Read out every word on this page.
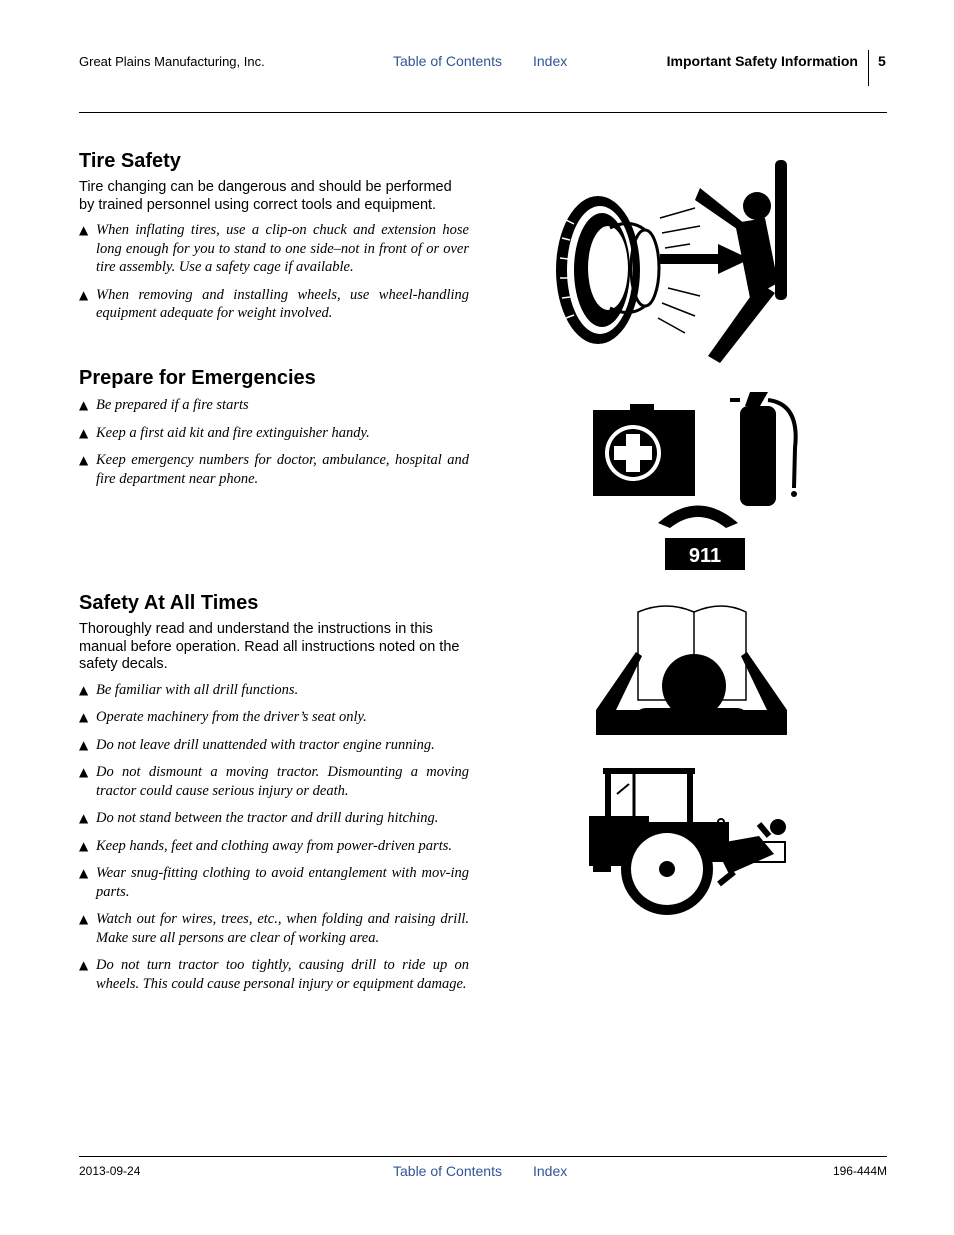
Great Plains Manufacturing, Inc.	Table of Contents Index	Important Safety Information 5
Tire Safety

Tire changing can be dangerous and should be performed by trained personnel using correct tools and equipment.

▲ When inflating tires, use a clip-on chuck and extension hose long enough for you to stand to one side–not in front of or over tire assembly. Use a safety cage if available.
▲ When removing and installing wheels, use wheel-handling equipment adequate for weight involved.
Prepare for Emergencies
▲ Be prepared if a fire starts
▲ Keep a first aid kit and fire extinguisher handy.
▲ Keep emergency numbers for doctor, ambulance, hospital and fire department near phone.
Safety At All Times

Thoroughly read and understand the instructions in this manual before operation. Read all instructions noted on the safety decals.

▲ Be familiar with all drill functions.
▲ Operate machinery from the driver’s seat only.
▲ Do not leave drill unattended with tractor engine running.
▲ Do not dismount a moving tractor. Dismounting a moving tractor could cause serious injury or death.
▲ Do not stand between the tractor and drill during hitching.
▲ Keep hands, feet and clothing away from power-driven parts.
▲ Wear snug-fitting clothing to avoid entanglement with mov-ing parts.
▲ Watch out for wires, trees, etc., when folding and raising drill. Make sure all persons are clear of working area.
▲ Do not turn tractor too tightly, causing drill to ride up on wheels. This could cause personal injury or equipment damage.
911
2013-09-24	Table of Contents Index	196-444M
